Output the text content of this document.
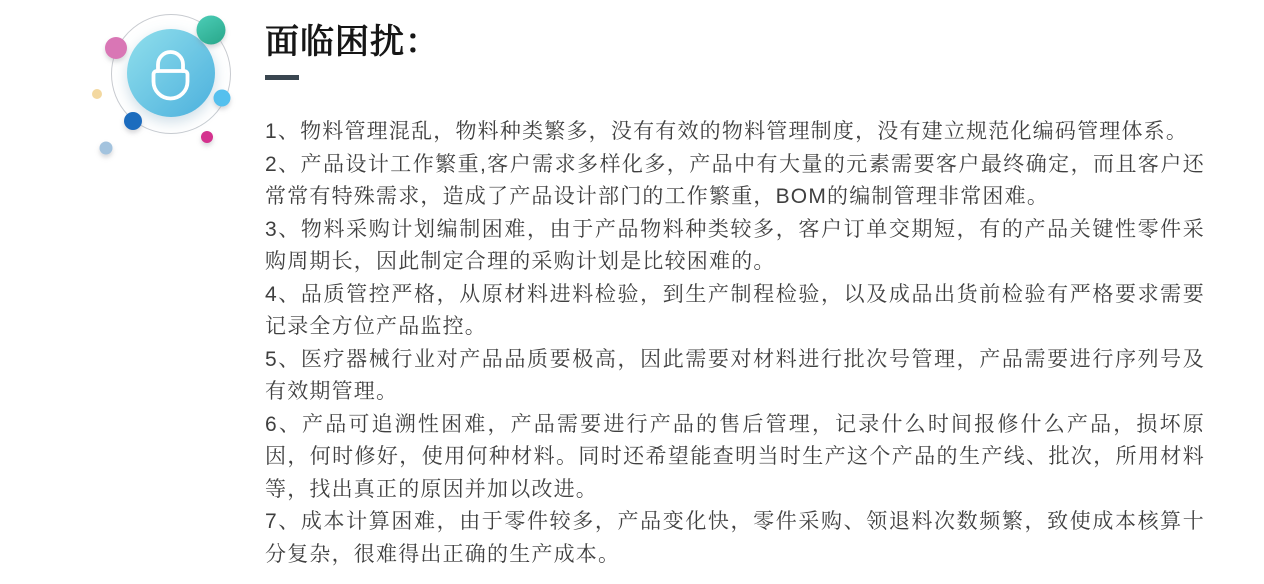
面临困扰：

1、物料管理混乱，物料种类繁多，没有有效的物料管理制度，没有建立规范化编码管理体系。

2、产品设计工作繁重,客户需求多样化多，产品中有大量的元素需要客户最终确定，而且客户还常常有特殊需求，造成了产品设计部门的工作繁重，BOM的编制管理非常困难。

3、物料采购计划编制困难，由于产品物料种类较多，客户订单交期短，有的产品关键性零件采购周期长，因此制定合理的采购计划是比较困难的。

4、品质管控严格，从原材料进料检验，到生产制程检验，以及成品出货前检验有严格要求需要记录全方位产品监控。

5、医疗器械行业对产品品质要极高，因此需要对材料进行批次号管理，产品需要进行序列号及有效期管理。

6、产品可追溯性困难，产品需要进行产品的售后管理，记录什么时间报修什么产品，损坏原因，何时修好，使用何种材料。同时还希望能查明当时生产这个产品的生产线、批次，所用材料等，找出真正的原因并加以改进。

7、成本计算困难，由于零件较多，产品变化快，零件采购、领退料次数频繁，致使成本核算十分复杂，很难得出正确的生产成本。
